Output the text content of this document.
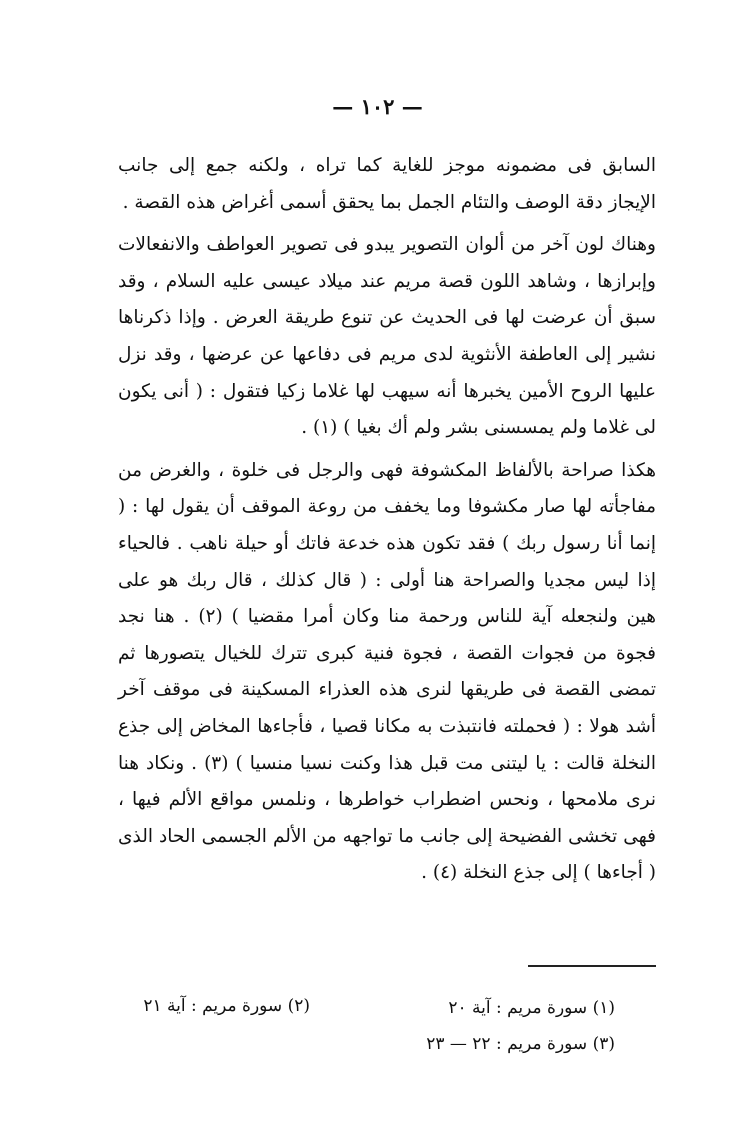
— ١٠٢ —

السابق فى مضمونه موجز للغاية كما تراه ، ولكنه جمع إلى جانب الإيجاز دقة الوصف والتئام الجمل بما يحقق أسمى أغراض هذه القصة .

وهناك لون آخر من ألوان التصوير يبدو فى تصوير العواطف والانفعالات وإبرازها ، وشاهد اللون قصة مريم عند ميلاد عيسى عليه السلام ، وقد سبق أن عرضت لها فى الحديث عن تنوع طريقة العرض . وإذا ذكرناها نشير إلى العاطفة الأنثوية لدى مريم فى دفاعها عن عرضها ، وقد نزل عليها الروح الأمين يخبرها أنه سيهب لها غلاما زكيا فتقول : ( أنى يكون لى غلاما ولم يمسسنى بشر ولم أك بغيا ) (١) .

هكذا صراحة بالألفاظ المكشوفة فهى والرجل فى خلوة ، والغرض من مفاجأته لها صار مكشوفا وما يخفف من روعة الموقف أن يقول لها : ( إنما أنا رسول ربك ) فقد تكون هذه خدعة فاتك أو حيلة ناهب . فالحياء إذا ليس مجديا والصراحة هنا أولى : ( قال كذلك ، قال ربك هو على هين ولنجعله آية للناس ورحمة منا وكان أمرا مقضيا ) (٢) . هنا نجد فجوة من فجوات القصة ، فجوة فنية كبرى تترك للخيال يتصورها ثم تمضى القصة فى طريقها لنرى هذه العذراء المسكينة فى موقف آخر أشد هولا : ( فحملته فانتبذت به مكانا قصيا ، فأجاءها المخاض إلى جذع النخلة قالت : يا ليتنى مت قبل هذا وكنت نسيا منسيا ) (٣) . ونكاد هنا نرى ملامحها ، ونحس اضطراب خواطرها ، ونلمس مواقع الألم فيها ، فهى تخشى الفضيحة إلى جانب ما تواجهه من الألم الجسمى الحاد الذى ( أجاءها ) إلى جذع النخلة (٤) .

(١) سورة مريم : آية ٢٠
(٢) سورة مريم : آية ٢١
(٣) سورة مريم : ٢٢ — ٢٣
